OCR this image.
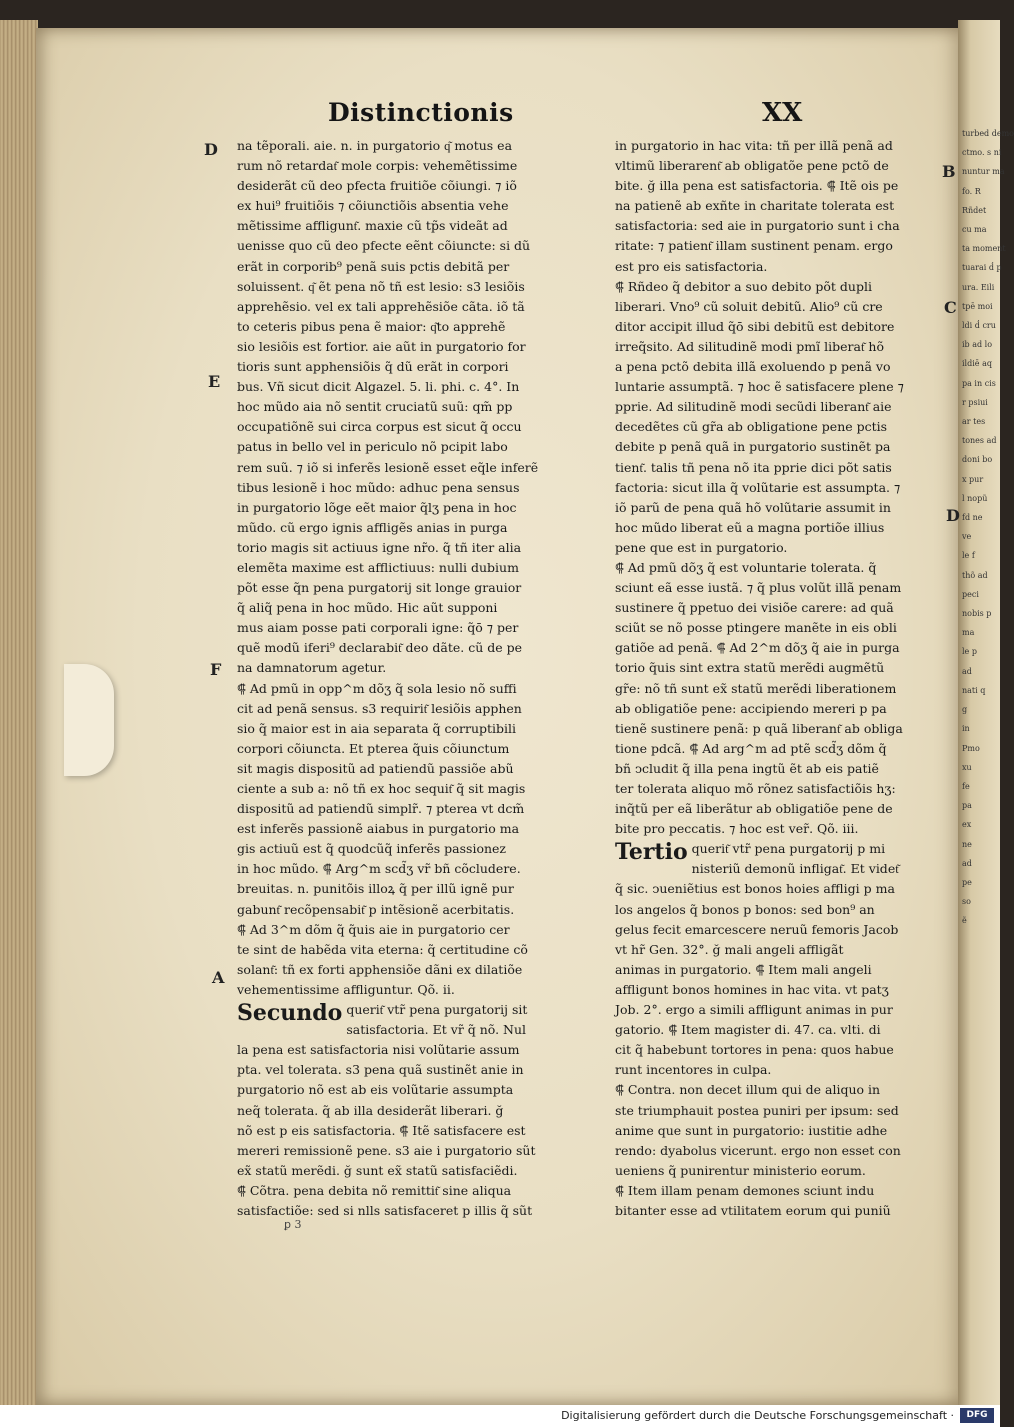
turbed demo
ctmo. s ni
nuntur ma
fo. R
Rñdet
cu ma
ta moment
tuarai ḋ p
ura. Eili
tpē moi
ldi ḋ cru
ib ad lo
ildiē aq
pa in cis
r psiui
ar tes
tones ad
doni bo
x pur
l nopũ
fd ne
ve
le f
thõ ad
peci
nobis p
ma
le p
ad
nati q
g
in
Pmo
xu
fe
pa
ex
ne
ad
pe
so
ẽ
Distinctionis	XX

na tẽporali. aie. n. in purgatorio q͂ motus ea

rum nõ retardat͂ mole corpis: vehemẽtissime

desiderãt cũ deo pfecta fruitiõe cõiungi. ⁊ iõ

ex hui⁹ fruitiõis ⁊ cõiunctiõis absentia vehe

mẽtissime affligunt͂. maxie cũ tp̃s videãt ad

uenisse quo cũ deo pfecte eẽnt cõiuncte: si dũ

erãt in corporib⁹ penã suis pctis debitã per

soluissent. q͂ ẽt pena nõ tñ est lesio: s3 lesiõis

apprehẽsio. vel ex tali apprehẽsiõe cãta. iõ tã

to ceteris pibus pena ẽ maior: q͂to apprehẽ

sio lesiõis est fortior. aie aũt in purgatorio for

tioris sunt apphensiõis q̃ dũ erãt in corpori

bus. Vñ sicut dicit Algazel. 5. li. phi. c. 4°. In

hoc mũdo aia nõ sentit cruciatũ suũ: qm̃ pp

occupatiõnẽ sui circa corpus est sicut q̃ occu

patus in bello vel in periculo nõ pcipit labo

rem suũ. ⁊ iõ si inferẽs lesionẽ esset eq̃le inferẽ

tibus lesionẽ i hoc mũdo: adhuc pena sensus

in purgatorio lõge eẽt maior q̃lʒ pena in hoc

mũdo. cũ ergo ignis affligẽs anias in purga

torio magis sit actiuus igne nr̃o. q̃ tñ iter alia

elemẽta maxime est afflictiuus: nulli dubium

põt esse q̃n pena purgatorij sit longe grauior

q̃ aliq̃ pena in hoc mũdo. Hic aũt supponi

mus aiam posse pati corporali igne: q̃ō ⁊ per

quẽ modũ iferi⁹ declarabit͂ deo dãte. cũ de pe

na damnatorum agetur.

⸿ Ad pmũ in opp^m dõʒ q̃ sola lesio nõ suffi

cit ad penã sensus. s3 requirit͂ lesiõis apphen

sio q̃ maior est in aia separata q̃ corruptibili

corpori cõiuncta. Et pterea q̃uis cõiunctum

sit magis dispositũ ad patiendũ passiõe abũ

ciente a sub a: nõ tñ ex hoc sequit͂ q̃ sit magis

dispositũ ad patiendũ simplr̃. ⁊ pterea vt dcm̃

est inferẽs passionẽ aiabus in purgatorio ma

gis actiuũ est q̃ quodcũq̃ inferẽs passionez

in hoc mũdo. ⸿ Arg^m scd̃ʒ vr̃ bñ cõcludere.

breuitas. n. punitõis illoꝝ q̃ per illũ ignẽ pur

gabunt͂ recõpensabit͂ p intẽsionẽ acerbitatis.

⸿ Ad 3^m dõm q̃ q̃uis aie in purgatorio cer

te sint de habẽda vita eterna: q̃ certitudine cõ

solant͂: tñ ex forti apphensiõe dãni ex dilatiõe

vehementissime affliguntur. Qõ. ii.

Secundo querit͂ vtr̃ pena purgatorij sit

satisfactoria. Et vr̃ q̃ nõ. Nul

la pena est satisfactoria nisi volũtarie assum

pta. vel tolerata. s3 pena quã sustinẽt anie in

purgatorio nõ est ab eis volũtarie assumpta

neq̃ tolerata. q̃ ab illa desiderãt liberari. ğ

nõ est p eis satisfactoria. ⸿ Itẽ satisfacere est

mereri remissionẽ pene. s3 aie i purgatorio sũt

ex̃ statũ merẽdi. ğ sunt ex̃ statũ satisfaciẽdi.

⸿ Cõtra. pena debita nõ remittit͂ sine aliqua

satisfactiõe: sed si nlls satisfaceret p illis q̃ sũt

in purgatorio in hac vita: tñ per illã penã ad

vltimũ liberarent͂ ab obligatõe pene pctõ de

bite. ğ illa pena est satisfactoria. ⸿ Itẽ ois pe

na patienẽ ab exñte in charitate tolerata est

satisfactoria: sed aie in purgatorio sunt i cha

ritate: ⁊ patient͂ illam sustinent penam. ergo

est pro eis satisfactoria.

⸿ Rñdeo q̃ debitor a suo debito põt dupli

liberari. Vno⁹ cũ soluit debitũ. Alio⁹ cũ cre

ditor accipit illud q̃ō sibi debitũ est debitore

irreq̃sito. Ad silitudinẽ modi pmĩ liberat͂ hõ

a pena pctõ debita illã exoluendo p penã vo

luntarie assumptã. ⁊ hoc ẽ satisfacere plene ⁊

pprie. Ad silitudinẽ modi secũdi liberant͂ aie

decedẽtes cũ gr̃a ab obligatione pene pctis

debite p penã quã in purgatorio sustinẽt pa

tient͂. talis tñ pena nõ ita pprie dici põt satis

factoria: sicut illa q̃ volũtarie est assumpta. ⁊

iõ parũ de pena quã hõ volũtarie assumit in

hoc mũdo liberat eũ a magna portiõe illius

pene que est in purgatorio.

⸿ Ad pmũ dõʒ q̃ est voluntarie tolerata. q̃

sciunt eã esse iustã. ⁊ q̃ plus volũt illã penam

sustinere q̃ ppetuo dei visiõe carere: ad quã

sciũt se nõ posse ptingere manẽte in eis obli

gatiõe ad penã. ⸿ Ad 2^m dõʒ q̃ aie in purga

torio q̃uis sint extra statũ merẽdi augmẽtũ

gr̃e: nõ tñ sunt ex̃ statũ merẽdi liberationem

ab obligatiõe pene: accipiendo mereri p pa

tienẽ sustinere penã: p quã liberant͂ ab obliga

tione pdcã. ⸿ Ad arg^m ad ptẽ scd̃ʒ dõm q̃

bñ ↄcludit q̃ illa pena ingtũ ẽt ab eis patiẽ

ter tolerata aliquo mõ rõnez satisfactiõis hʒ:

inq̃tũ per eã liberãtur ab obligatiõe pene de

bite pro peccatis. ⁊ hoc est ver̃. Qõ. iii.

Tertio querit͂ vtr̃ pena purgatorij p mi

nisteriũ demonũ infligat͂. Et videt͂

q̃ sic. ↄueniẽtius est bonos hoies affligi p ma

los angelos q̃ bonos p bonos: sed bon⁹ an

gelus fecit emarcescere neruũ femoris Jacob

vt hr̃ Gen. 32°. ğ mali angeli affligãt

animas in purgatorio. ⸿ Item mali angeli

affligunt bonos homines in hac vita. vt patʒ

Job. 2°. ergo a simili affligunt animas in pur

gatorio. ⸿ Item magister di. 47. ca. vlti. di

cit q̃ habebunt tortores in pena: quos habue

runt incentores in culpa.

⸿ Contra. non decet illum qui de aliquo in

ste triumphauit postea puniri per ipsum: sed

anime que sunt in purgatorio: iustitie adhe

rendo: dyabolus vicerunt. ergo non esset con

ueniens q̃ punirentur ministerio eorum.

⸿ Item illam penam demones sciunt indu

bitanter esse ad vtilitatem eorum qui puniũ

D
E
F
A
B
C
D
ꝑ 3
Digitalisierung gefördert durch die Deutsche Forschungsgemeinschaft ·	DFG
